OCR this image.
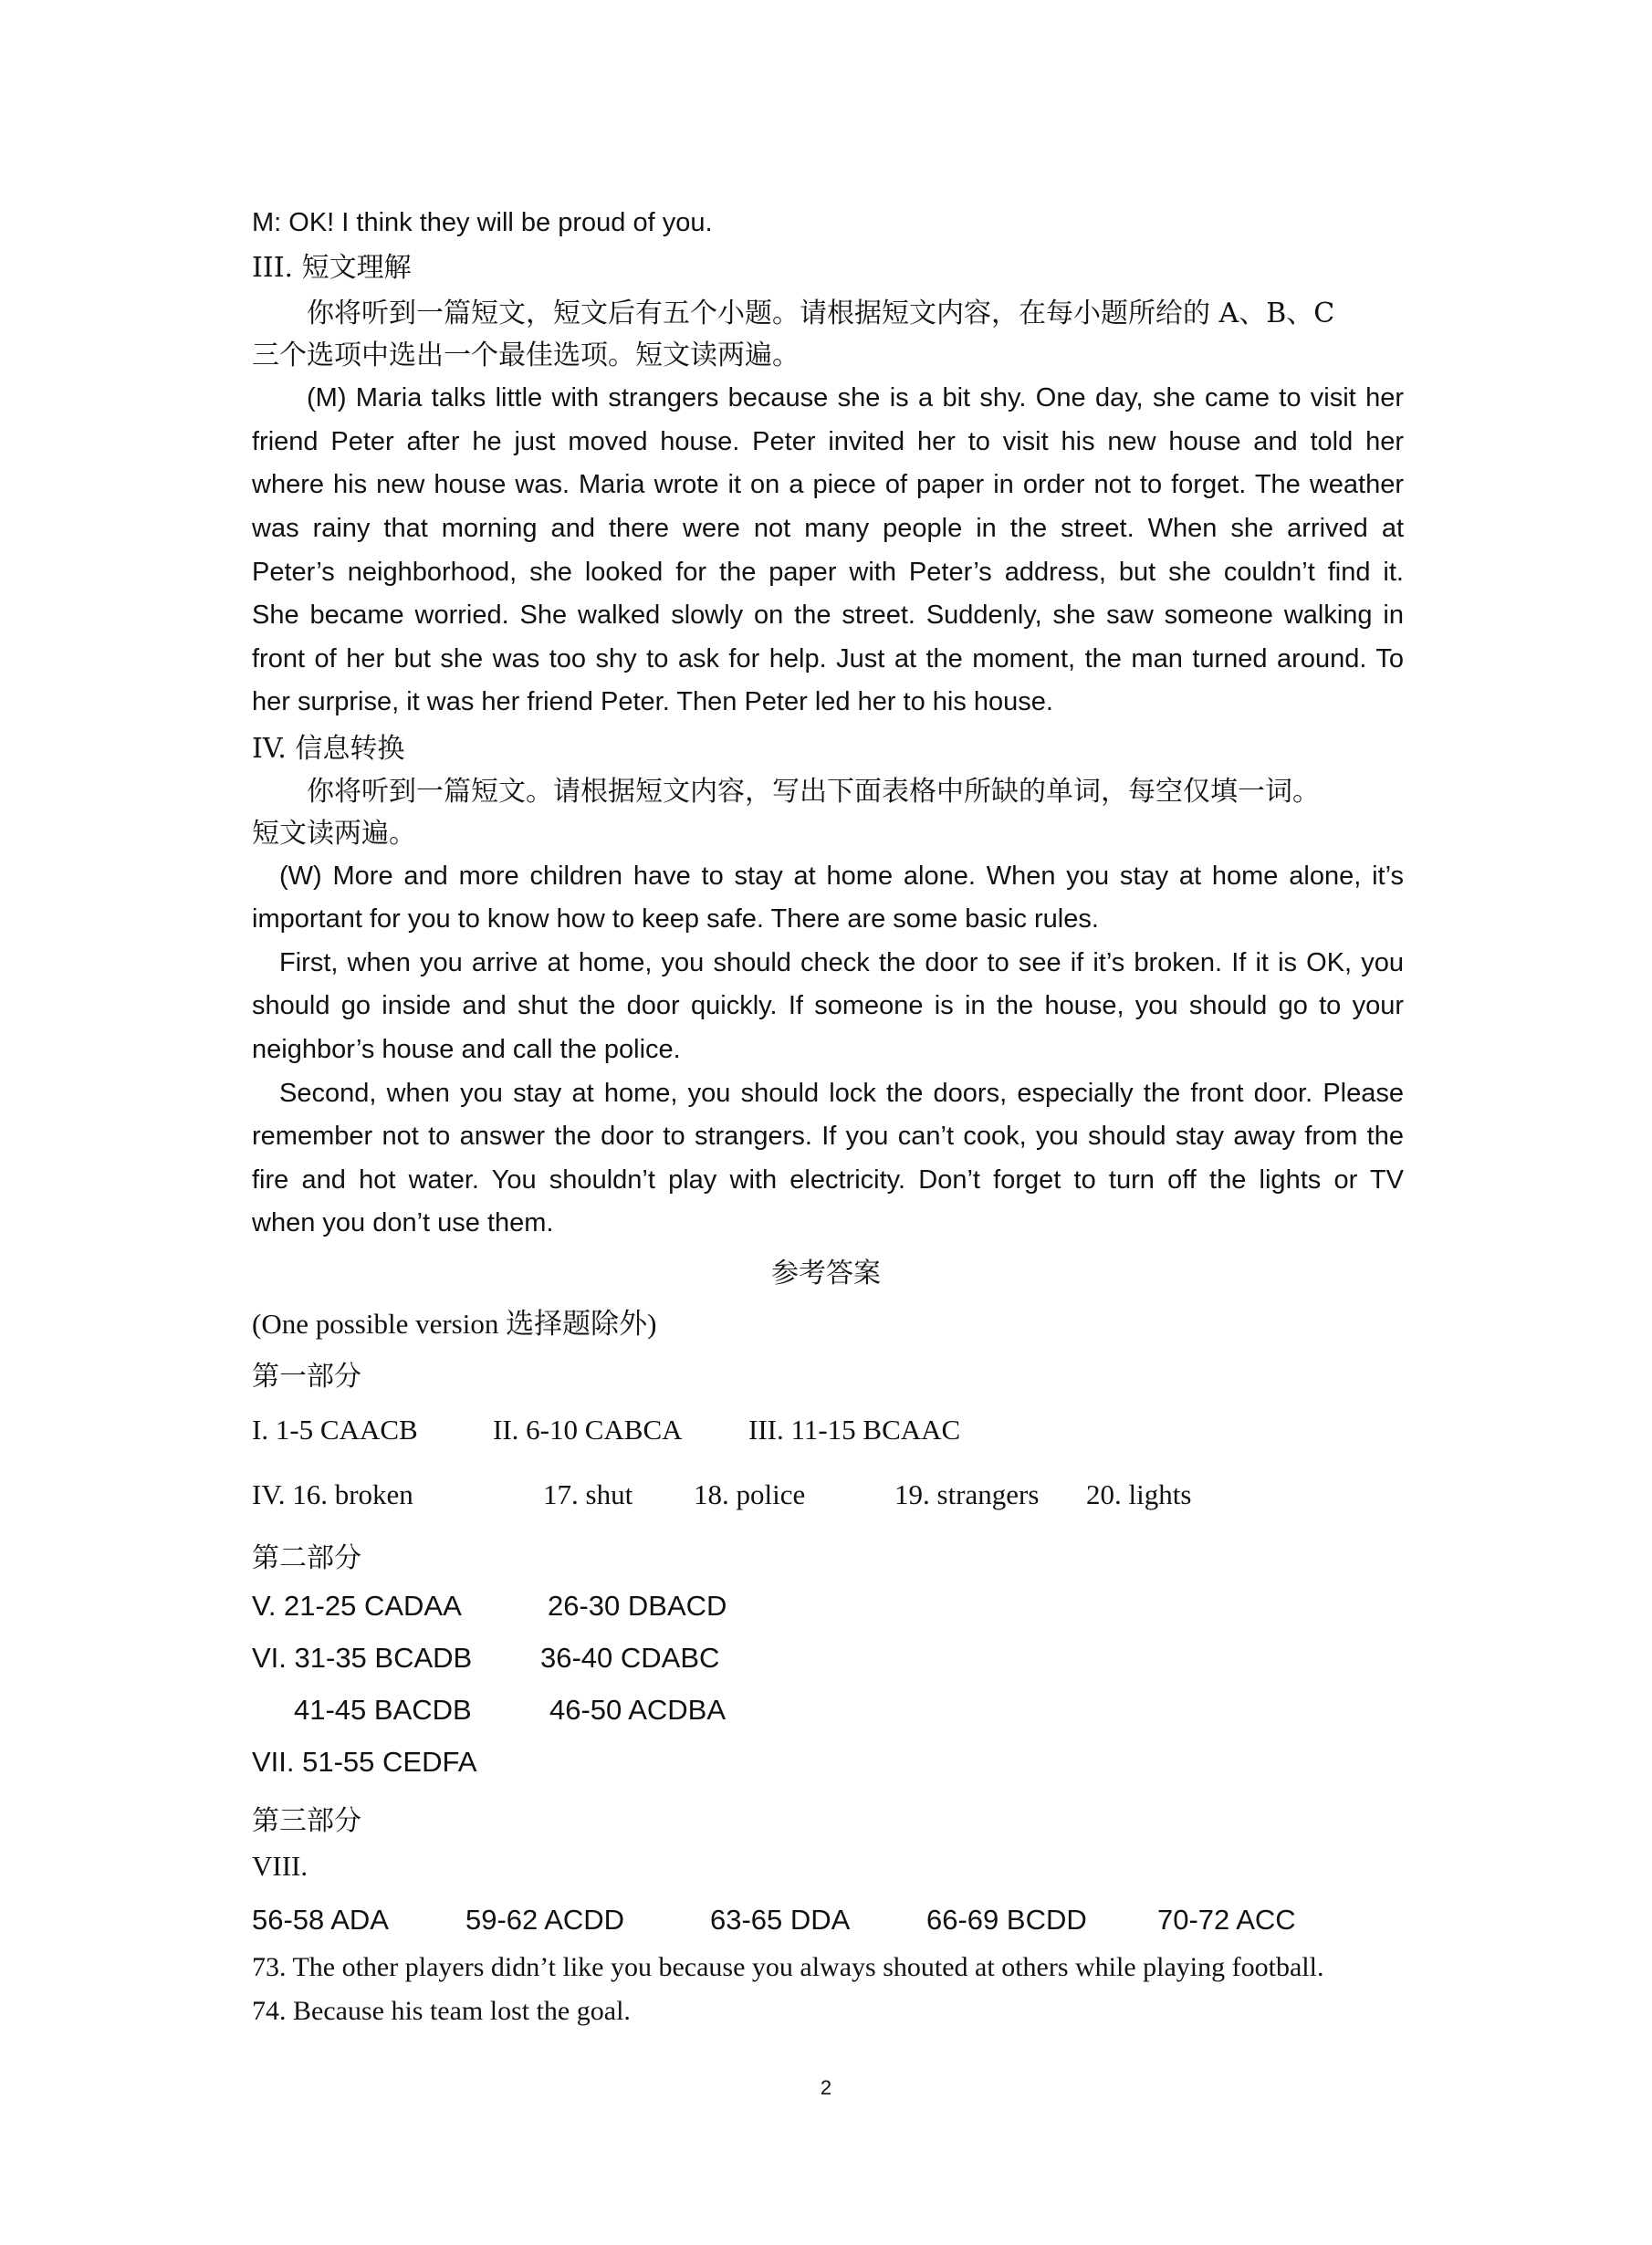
M: OK! I think they will be proud of you.
III. 短文理解
你将听到一篇短文，短文后有五个小题。请根据短文内容，在每小题所给的 A、B、C
三个选项中选出一个最佳选项。短文读两遍。
(M) Maria talks little with strangers because she is a bit shy. One day, she came to visit her
friend Peter after he just moved house. Peter invited her to visit his new house and told her
where his new house was. Maria wrote it on a piece of paper in order not to forget. The weather
was rainy that morning and there were not many people in the street. When she arrived at
Peter’s neighborhood, she looked for the paper with Peter’s address, but she couldn’t find it.
She became worried. She walked slowly on the street. Suddenly, she saw someone walking in
front of her but she was too shy to ask for help. Just at the moment, the man turned around. To
her surprise, it was her friend Peter. Then Peter led her to his house.
IV. 信息转换
你将听到一篇短文。请根据短文内容，写出下面表格中所缺的单词，每空仅填一词。
短文读两遍。
(W) More and more children have to stay at home alone. When you stay at home alone, it’s
important for you to know how to keep safe. There are some basic rules.
First, when you arrive at home, you should check the door to see if it’s broken. If it is OK, you
should go inside and shut the door quickly. If someone is in the house, you should go to your
neighbor’s house and call the police.
Second, when you stay at home, you should lock the doors, especially the front door. Please
remember not to answer the door to strangers. If you can’t cook, you should stay away from the
fire and hot water. You shouldn’t play with electricity. Don’t forget to turn off the lights or TV
when you don’t use them.
参考答案
(One possible version 选择题除外)
第一部分
I. 1-5 CAACB	II. 6-10 CABCA III. 11-15 BCAAC
IV. 16. broken	17. shut 18. police	19. strangers 20. lights
第二部分
V. 21-25 CADAA	26-30 DBACD
VI. 31-35 BCADB 36-40 CDABC
41-45 BACDB	46-50 ACDBA
VII. 51-55 CEDFA
第三部分
VIII.
56-58 ADA	59-62 ACDD	63-65 DDA	66-69 BCDD 70-72 ACC
73. The other players didn’t like you because you always shouted at others while playing football.
74. Because his team lost the goal.
2
